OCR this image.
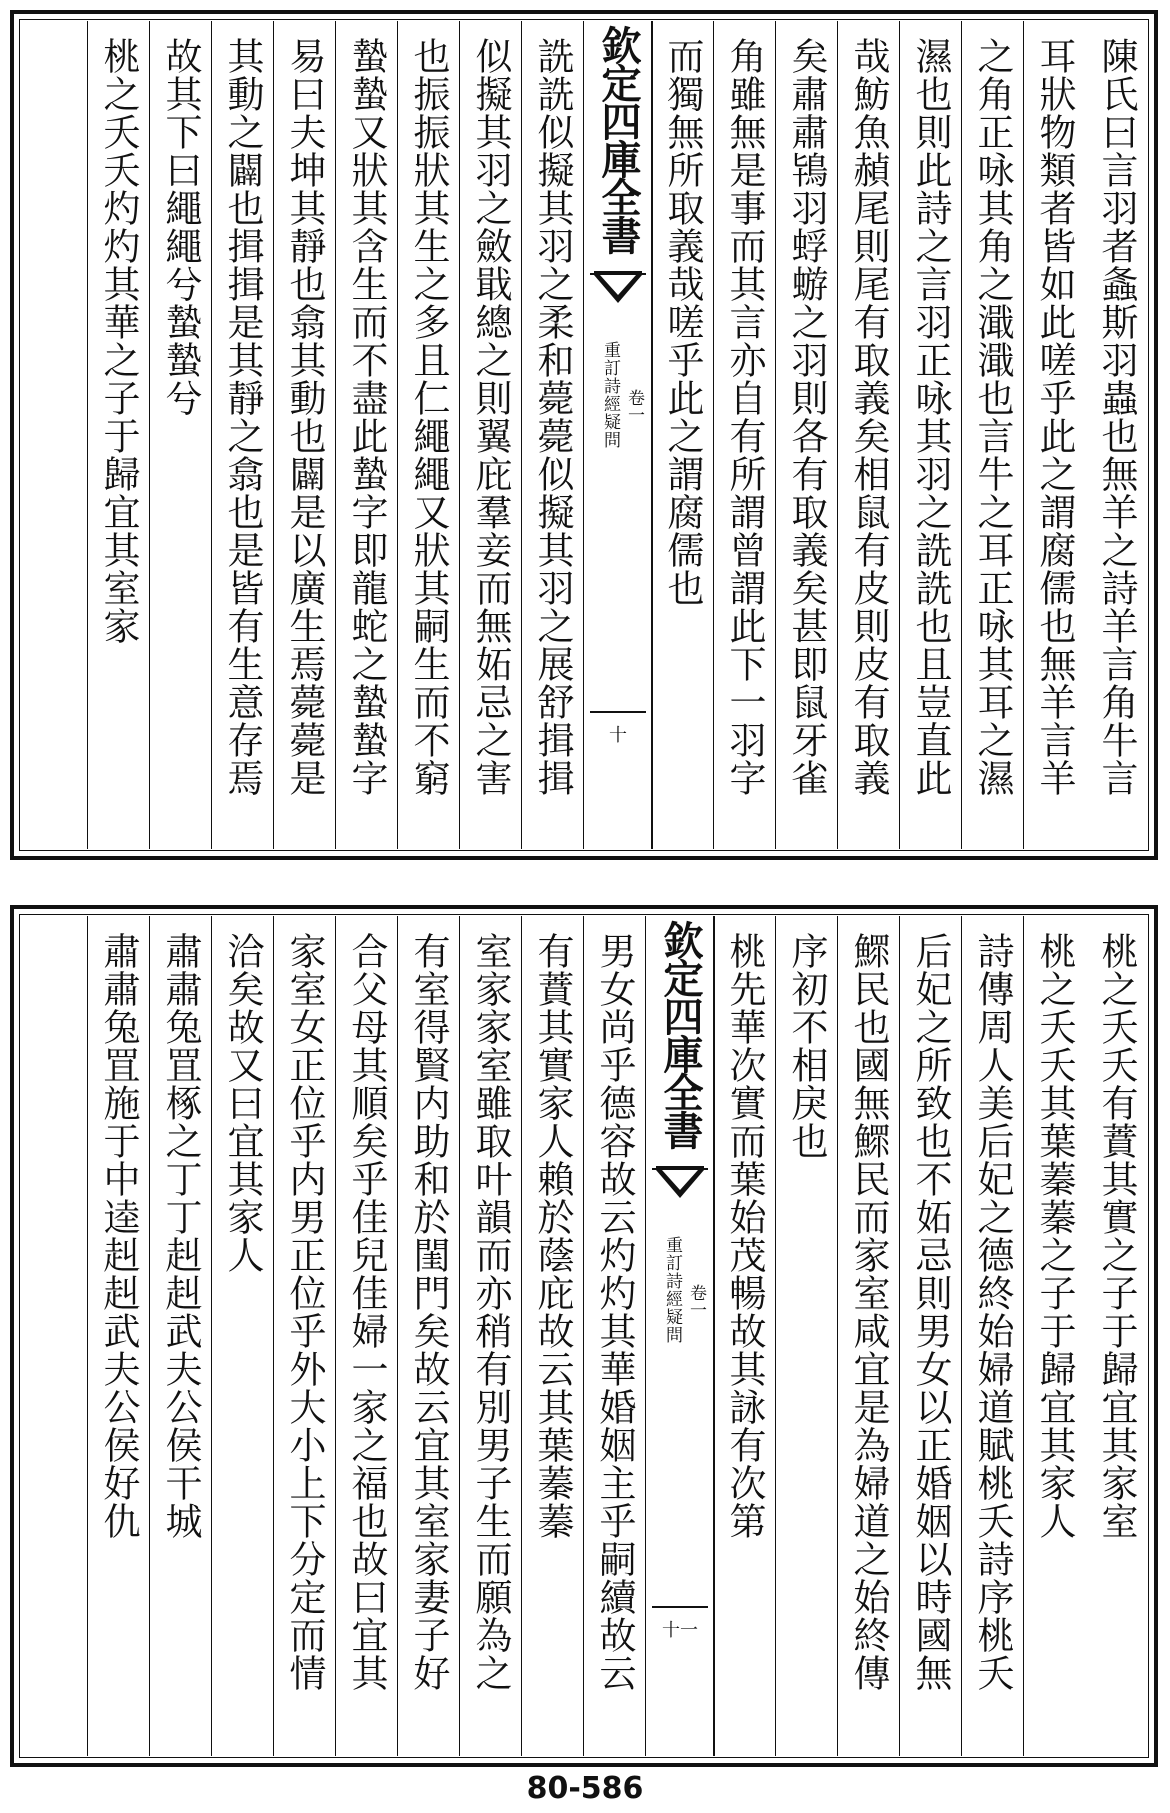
陳氏曰言羽者螽斯羽蟲也無羊之詩羊言角牛言
耳狀物類者皆如此嗟乎此之謂腐儒也無羊言羊
之角正咏其角之濈濈也言牛之耳正咏其耳之濕
濕也則此詩之言羽正咏其羽之詵詵也且豈直此
哉魴魚赬尾則尾有取義矣相鼠有皮則皮有取義
矣肅肅鴇羽蜉蝣之羽則各有取義矣甚即鼠牙雀
角雖無是事而其言亦自有所謂曾謂此下一羽字
而獨無所取義哉嗟乎此之謂腐儒也
欽定四庫全書
重訂詩經疑問 卷一
十
詵詵似擬其羽之柔和薨薨似擬其羽之展舒揖揖
似擬其羽之斂戢總之則翼庇羣妾而無妬忌之害
也振振狀其生之多且仁繩繩又狀其嗣生而不窮
蟄蟄又狀其含生而不盡此蟄字即龍蛇之蟄蟄字
易曰夫坤其靜也翕其動也闢是以廣生焉薨薨是
其動之闢也揖揖是其靜之翕也是皆有生意存焉
故其下曰繩繩兮蟄蟄兮
桃之夭夭灼灼其華之子于歸宜其室家
桃之夭夭有蕡其實之子于歸宜其家室
桃之夭夭其葉蓁蓁之子于歸宜其家人
詩傳周人美后妃之德終始婦道賦桃夭詩序桃夭
后妃之所致也不妬忌則男女以正婚姻以時國無
鰥民也國無鰥民而家室咸宜是為婦道之始終傳
序初不相戾也
桃先華次實而葉始茂暢故其詠有次第
欽定四庫全書
重訂詩經疑問 卷一
十一
男女尚乎德容故云灼灼其華婚姻主乎嗣續故云
有蕡其實家人賴於蔭庇故云其葉蓁蓁
室家家室雖取叶韻而亦稍有別男子生而願為之
有室得賢内助和於閨門矣故云宜其室家妻子好
合父母其順矣乎佳兒佳婦一家之福也故曰宜其
家室女正位乎内男正位乎外大小上下分定而情
洽矣故又曰宜其家人
肅肅兔罝椓之丁丁赳赳武夫公侯干城
肅肅兔罝施于中逵赳赳武夫公侯好仇
80-586
